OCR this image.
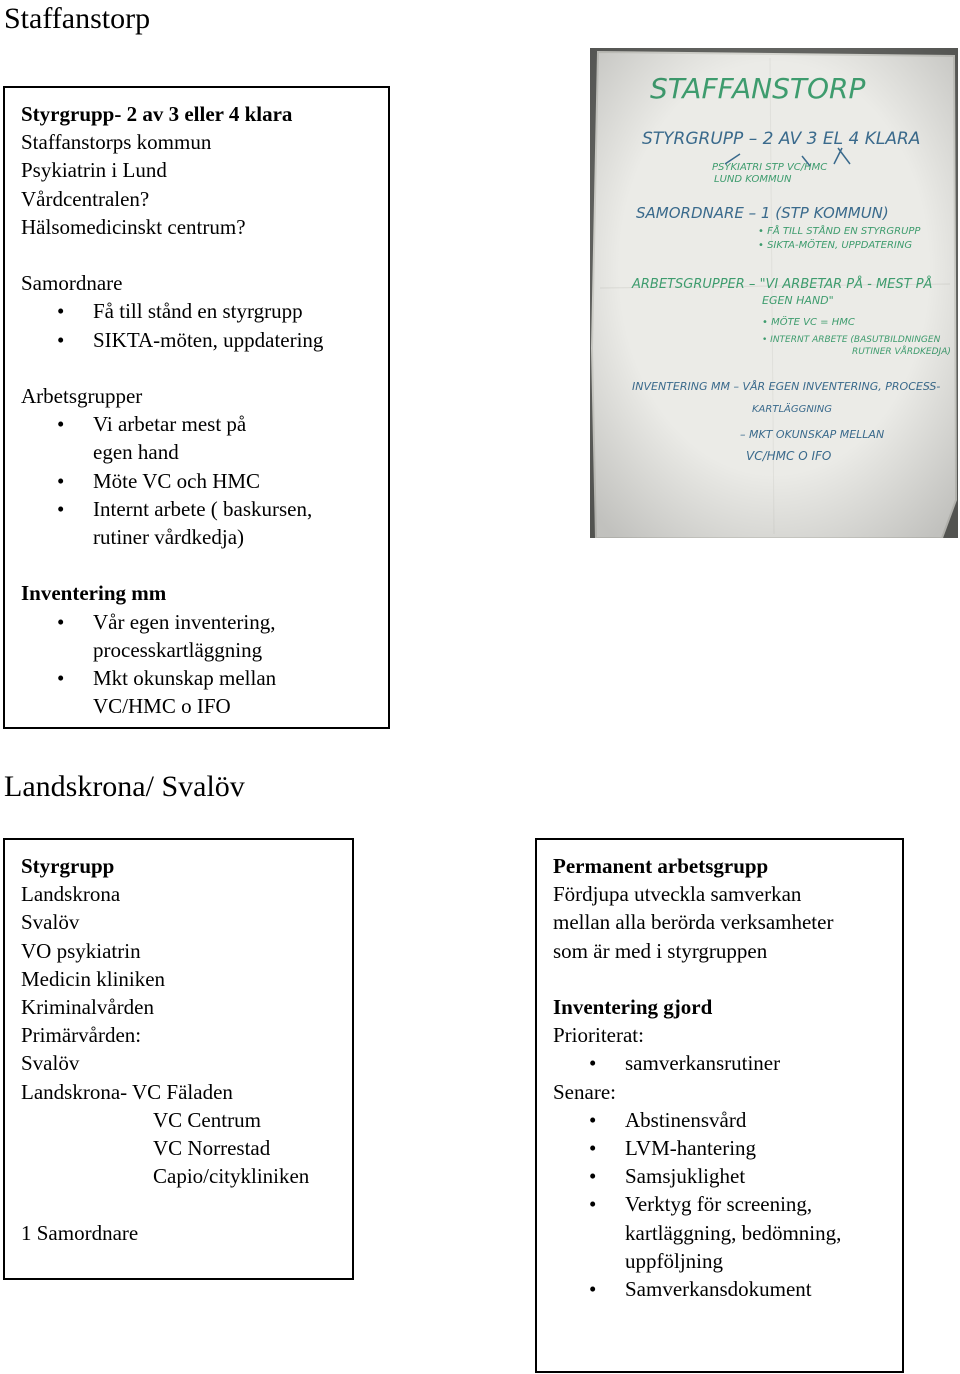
Staffanstorp
Styrgrupp- 2 av 3 eller 4 klara
Staffanstorps kommun
Psykiatrin i Lund
Vårdcentralen?
Hälsomedicinskt centrum?
Samordnare
• Få till stånd en styrgrupp
• SIKTA-möten, uppdatering
Arbetsgrupper
• Vi arbetar mest på egen hand
• Möte VC och HMC
• Internt arbete ( baskursen, rutiner vårdkedja)
Inventering mm
• Vår egen inventering, processkartläggning
• Mkt okunskap mellan VC/HMC o IFO
Landskrona/ Svalöv
Styrgrupp
Landskrona
Svalöv
VO psykiatrin
Medicin kliniken
Kriminalvården
Primärvården:
Svalöv
Landskrona- VC Fäladen
VC Centrum
VC Norrestad
Capio/citykliniken
1 Samordnare
Permanent arbetsgrupp
Fördjupa utveckla samverkan
mellan alla berörda verksamheter
som är med i styrgruppen
Inventering gjord
Prioriterat:
• samverkansrutiner
Senare:
• Abstinensvård
• LVM-hantering
• Samsjuklighet
• Verktyg för screening, kartläggning, bedömning, uppföljning
• Samverkansdokument
